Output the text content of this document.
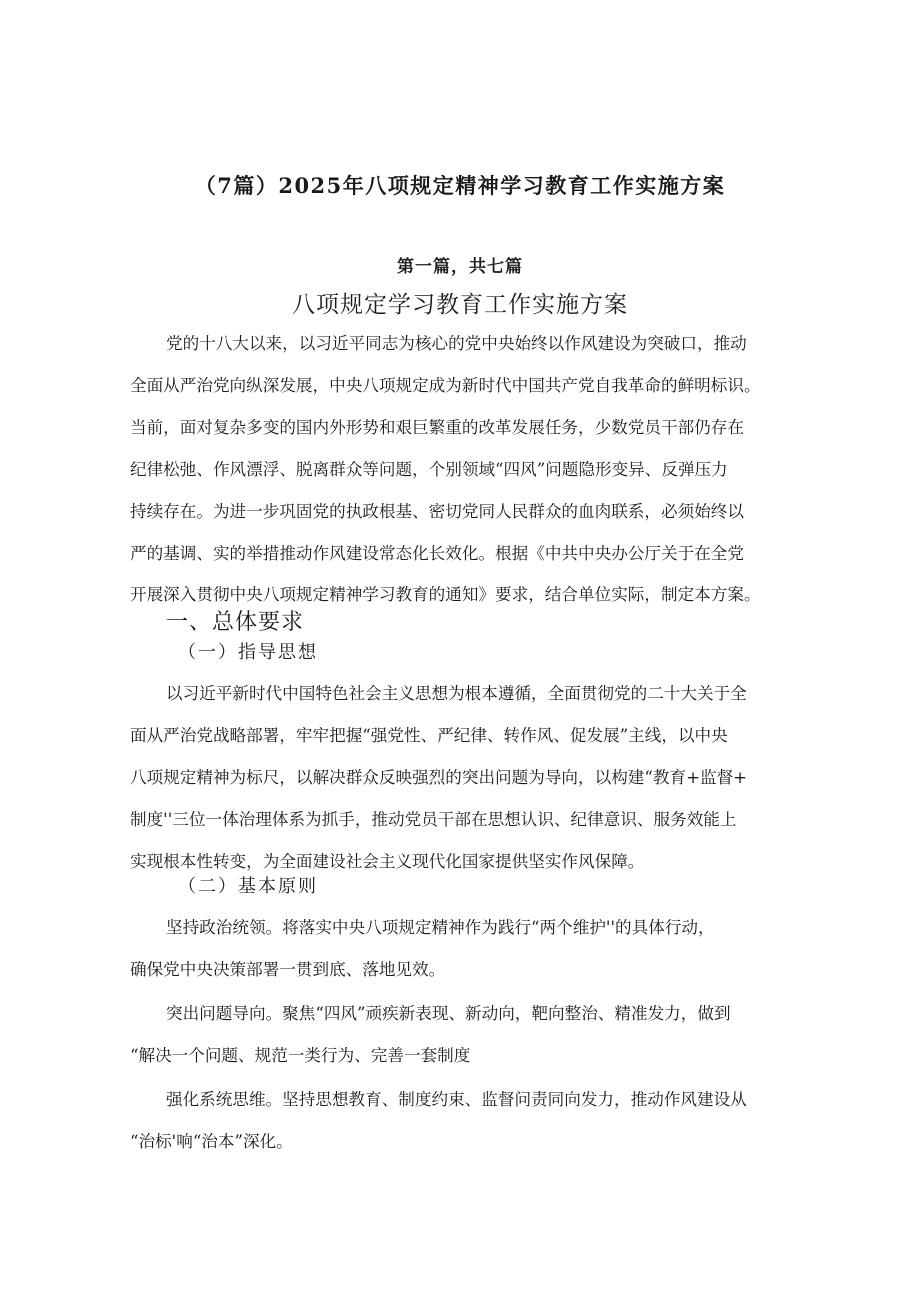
（7篇）2025年八项规定精神学习教育工作实施方案
第一篇，共七篇
八项规定学习教育工作实施方案
党的十八大以来，以习近平同志为核心的党中央始终以作风建设为突破口，推动
全面从严治党向纵深发展，中央八项规定成为新时代中国共产党自我革命的鲜明标识。
当前，面对复杂多变的国内外形势和艰巨繁重的改革发展任务，少数党员干部仍存在
纪律松弛、作风漂浮、脱离群众等问题，个别领域“四风”问题隐形变异、反弹压力
持续存在。为进一步巩固党的执政根基、密切党同人民群众的血肉联系，必须始终以
严的基调、实的举措推动作风建设常态化长效化。根据《中共中央办公厅关于在全党
开展深入贯彻中央八项规定精神学习教育的通知》要求，结合单位实际，制定本方案。
一、总体要求
（一）指导思想
以习近平新时代中国特色社会主义思想为根本遵循，全面贯彻党的二十大关于全
面从严治党战略部署，牢牢把握“强党性、严纪律、转作风、促发展”主线，以中央
八项规定精神为标尺，以解决群众反映强烈的突出问题为导向，以构建“教育+监督+
制度''三位一体治理体系为抓手，推动党员干部在思想认识、纪律意识、服务效能上
实现根本性转变，为全面建设社会主义现代化国家提供坚实作风保障。
（二）基本原则
坚持政治统领。将落实中央八项规定精神作为践行“两个维护''的具体行动，
确保党中央决策部署一贯到底、落地见效。
突出问题导向。聚焦“四风”顽疾新表现、新动向，靶向整治、精准发力，做到
“解决一个问题、规范一类行为、完善一套制度
强化系统思维。坚持思想教育、制度约束、监督问责同向发力，推动作风建设从
“治标'响“治本”深化。
